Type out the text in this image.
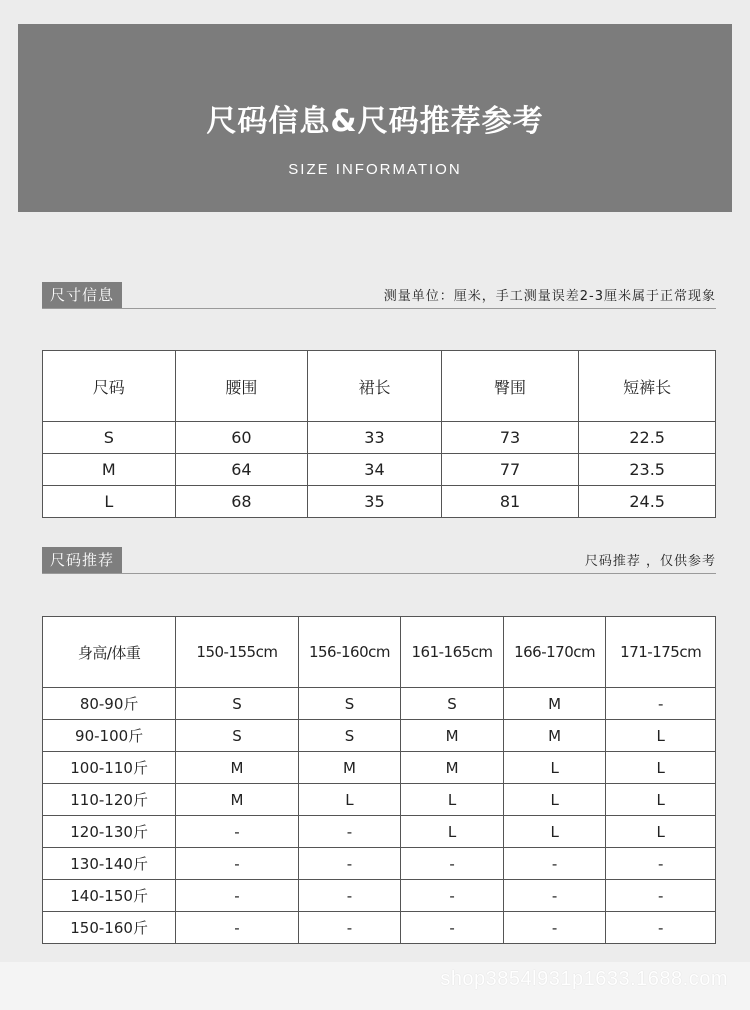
尺码信息&尺码推荐参考
SIZE INFORMATION
尺寸信息	测量单位：厘米，手工测量误差2-3厘米属于正常现象
尺码	腰围	裙长	臀围	短裤长
S	60	33	73	22.5
M	64	34	77	23.5
L	68	35	81	24.5
尺码推荐	尺码推荐 ，仅供参考
身高/体重	150-155cm	156-160cm	161-165cm	166-170cm	171-175cm
80-90斤	S	S	S	M	-
90-100斤	S	S	M	M	L
100-110斤	M	M	M	L	L
110-120斤	M	L	L	L	L
120-130斤	-	-	L	L	L
130-140斤	-	-	-	-	-
140-150斤	-	-	-	-	-
150-160斤	-	-	-	-	-
shop3854l931p1633.1688.com
